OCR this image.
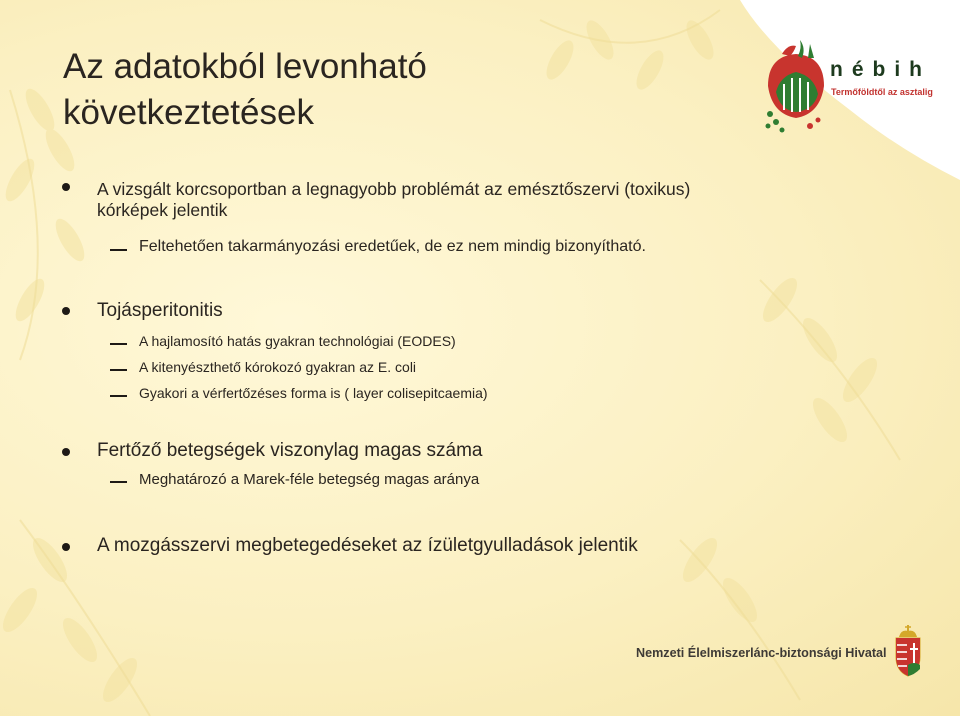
nébih
Termőföldtől az asztalig
Az adatokból levonható
következtetések
A vizsgált korcsoportban a legnagyobb problémát az emésztőszervi (toxikus)
kórképek jelentik
Feltehetően takarmányozási eredetűek, de ez nem mindig bizonyítható.
Tojásperitonitis
A hajlamosító hatás gyakran technológiai (EODES)
A kitenyészthető kórokozó gyakran az E. coli
Gyakori a vérfertőzéses forma is ( layer colisepitcaemia)
Fertőző betegségek viszonylag magas száma
Meghatározó a Marek-féle betegség magas aránya
A mozgásszervi megbetegedéseket az ízületgyulladások jelentik
Nemzeti Élelmiszerlánc-biztonsági Hivatal
